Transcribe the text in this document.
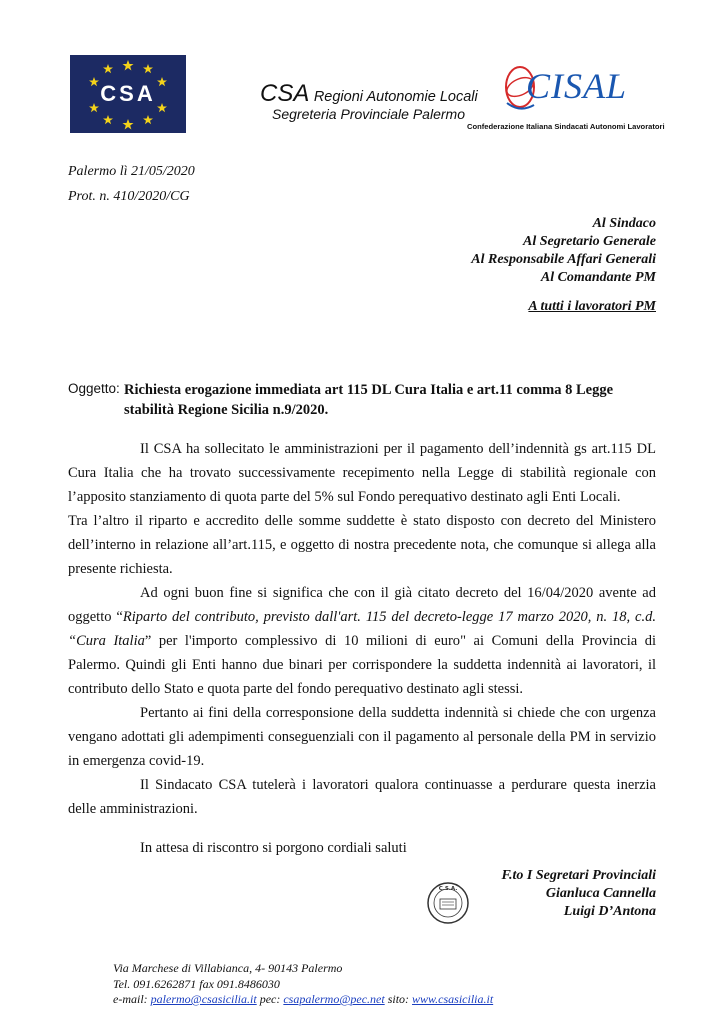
CSA	CSA Regioni Autonomie Locali
Segreteria Provinciale Palermo
CISAL
Confederazione Italiana Sindacati Autonomi Lavoratori
Palermo lì 21/05/2020
Prot. n. 410/2020/CG
Al Sindaco
Al Segretario Generale
Al Responsabile Affari Generali
Al Comandante PM
A tutti i lavoratori PM
Oggetto: Richiesta erogazione immediata art 115 DL Cura Italia e art.11 comma 8 Legge stabilità Regione Sicilia n.9/2020.

Il CSA ha sollecitato le amministrazioni per il pagamento dell’indennità gs art.115 DL Cura Italia che ha trovato successivamente recepimento nella Legge di stabilità regionale con l’apposito stanziamento di quota parte del 5% sul Fondo perequativo destinato agli Enti Locali.

Tra l’altro il riparto e accredito delle somme suddette è stato disposto con decreto del Ministero dell’interno in relazione all’art.115, e oggetto di nostra precedente nota, che comunque si allega alla presente richiesta.

Ad ogni buon fine si significa che con il già citato decreto del 16/04/2020 avente ad oggetto “Riparto del contributo, previsto dall'art. 115 del decreto-legge 17 marzo 2020, n. 18, c.d. “Cura Italia” per l'importo complessivo di 10 milioni di euro" ai Comuni della Provincia di Palermo. Quindi gli Enti hanno due binari per corrispondere la suddetta indennità ai lavoratori, il contributo dello Stato e quota parte del fondo perequativo destinato agli stessi.

Pertanto ai fini della corresponsione della suddetta indennità si chiede che con urgenza vengano adottati gli adempimenti conseguenziali con il pagamento al personale della PM in servizio in emergenza covid-19.

Il Sindacato CSA tutelerà i lavoratori qualora continuasse a perdurare questa inerzia delle amministrazioni.

In attesa di riscontro si porgono cordiali saluti
F.to I Segretari Provinciali
Gianluca Cannella
Luigi D’Antona
C.S.A.
Via Marchese di Villabianca, 4- 90143 Palermo
Tel. 091.6262871 fax 091.8486030
e-mail: palermo@csasicilia.it pec: csapalermo@pec.net sito: www.csasicilia.it
